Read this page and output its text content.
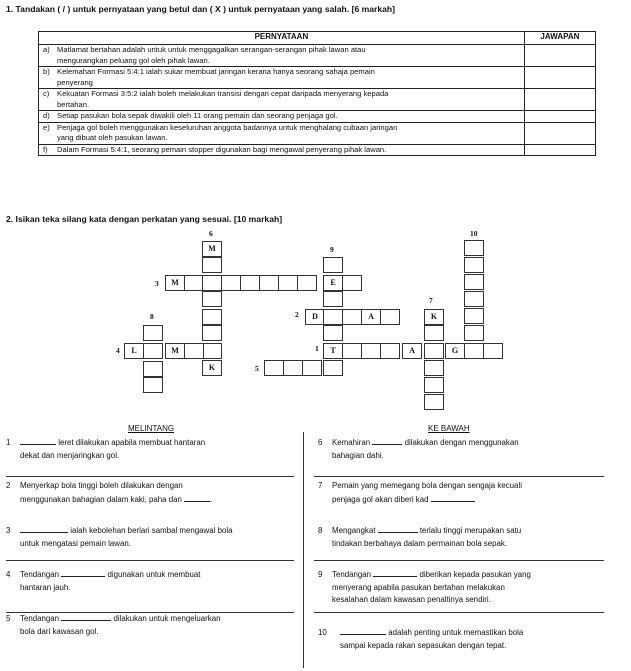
1. Tandakan ( / ) untuk pernyataan yang betul dan ( X ) untuk pernyataan yang salah. [6 markah]
PERNYATAAN	JAWAPAN

a) Matlamat bertahan adalah untuk untuk menggagalkan serangan-serangan pihak lawan atau
mengurangkan peluang gol oleh pihak lawan.	

b) Kelemahan Formasi 5:4:1 ialah sukar membuat jaringan kerana hanya seorang sahaja pemain
penyerang	

c) Kekuatan Formasi 3:5:2 ialah boleh melakukan transisi dengan cepat daripada menyerang kepada
bertahan.	

d) Setiap pasukan bola sepak diwakili oleh 11 orang pemain dan seorang penjaga gol.	

e) Penjaga gol boleh menggunakan keseluruhan anggota badannya untuk menghalang cubaan jaringan
yang dibuat oleh pasukan lawan.	

f) Dalam Formasi 5:4:1, seorang pemain stopper digunakan bagi mengawal penyerang pihak lawan.	

2. Isikan teka silang kata dengan perkatan yang sesuai. [10 markah]
6	10
9
3
7
8	2
4	1
5
M
M	E
D	A
L	M	T	A	G
K
K
MELINTANG	KE BAWAH
1	leret dilakukan apabila membuat hantaran
dekat dan menjaringkan gol.
2 Menyerkap bola tinggi boleh dilakukan dengan
menggunakan bahagian dalam kaki, paha dan	.
3	ialah kebolehan berlari sambal mengawal bola
untuk mengatasi pemain lawan.
4 Tendangan	digunakan untuk membuat
hantaran jauh.
5 Tendangan	dilakukan untuk mengeluarkan
bola dari kawasan gol.
6 Kemahiran	dilakukan dengan menggunakan
bahagian dahi.
7 Pemain yang memegang bola dengan sengaja kecuali
penjaga gol akan diberi kad
8 Mengangkat	terlalu tinggi merupakan satu
tindakan berbahaya dalam permainan bola sepak.
9 Tendangan	diberikan kepada pasukan yang
menyerang apabila pasukan bertahan melakukan
kesalahan dalam kawasan penaltinya sendiri.
10	adalah penting untuk memastikan bola
sampai kepada rakan sepasukan dengan tepat.
